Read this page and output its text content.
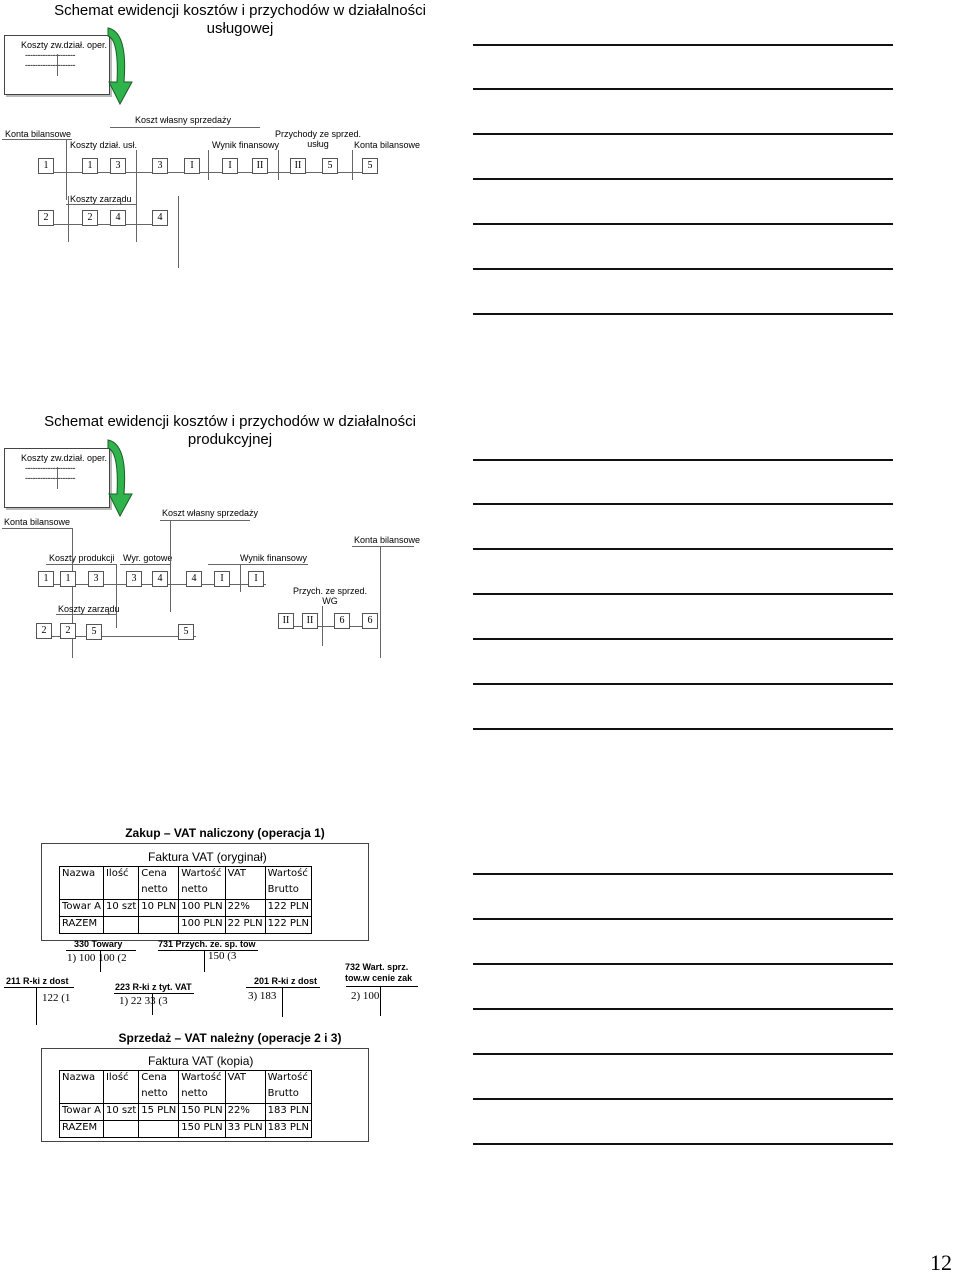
Schemat ewidencji kosztów i przychodów w działalności usługowej
Koszty zw.dział. oper.
--------------------
--------------------
Koszt własny sprzedaży
Konta bilansowe
Koszty dział. usł.	Wynik finansowy
Przychody ze sprzed. usług	Konta bilansowe
Koszty zarządu
1	1	3	3	I	I	II	II	5	5
2	2	4	4
Schemat ewidencji kosztów i przychodów w działalności produkcyjnej
Koszty zw.dział. oper.
--------------------
--------------------
Konta bilansowe
Koszt własny sprzedaży
Konta bilansowe
Koszty produkcji Wyr. gotowe	Wynik finansowy
Koszty zarządu
Przych. ze sprzed. WG
1	1	3	3	4	4	I	I
2	2	5	5
II	II	6	6
Zakup – VAT naliczony (operacja 1)
Faktura VAT (oryginał)
Nazwa	Ilość	Cena	Wartość	VAT	Wartość
		netto	netto		Brutto
Towar A	10 szt	10 PLN	100 PLN	22%	122 PLN
RAZEM			100 PLN	22 PLN	122 PLN
330 Towary
1) 100 100 (2
731 Przych. ze. sp. tow
150 (3
211 R-ki z dost
122 (1
223 R-ki z tyt. VAT
1) 22 33 (3
201 R-ki z dost
3) 183
732 Wart. sprz. tow.w cenie zak
2) 100
Sprzedaż – VAT należny (operacje 2 i 3)
Faktura VAT (kopia)
Nazwa	Ilość	Cena	Wartość	VAT	Wartość
		netto	netto		Brutto
Towar A	10 szt	15 PLN	150 PLN	22%	183 PLN
RAZEM			150 PLN	33 PLN	183 PLN
12
